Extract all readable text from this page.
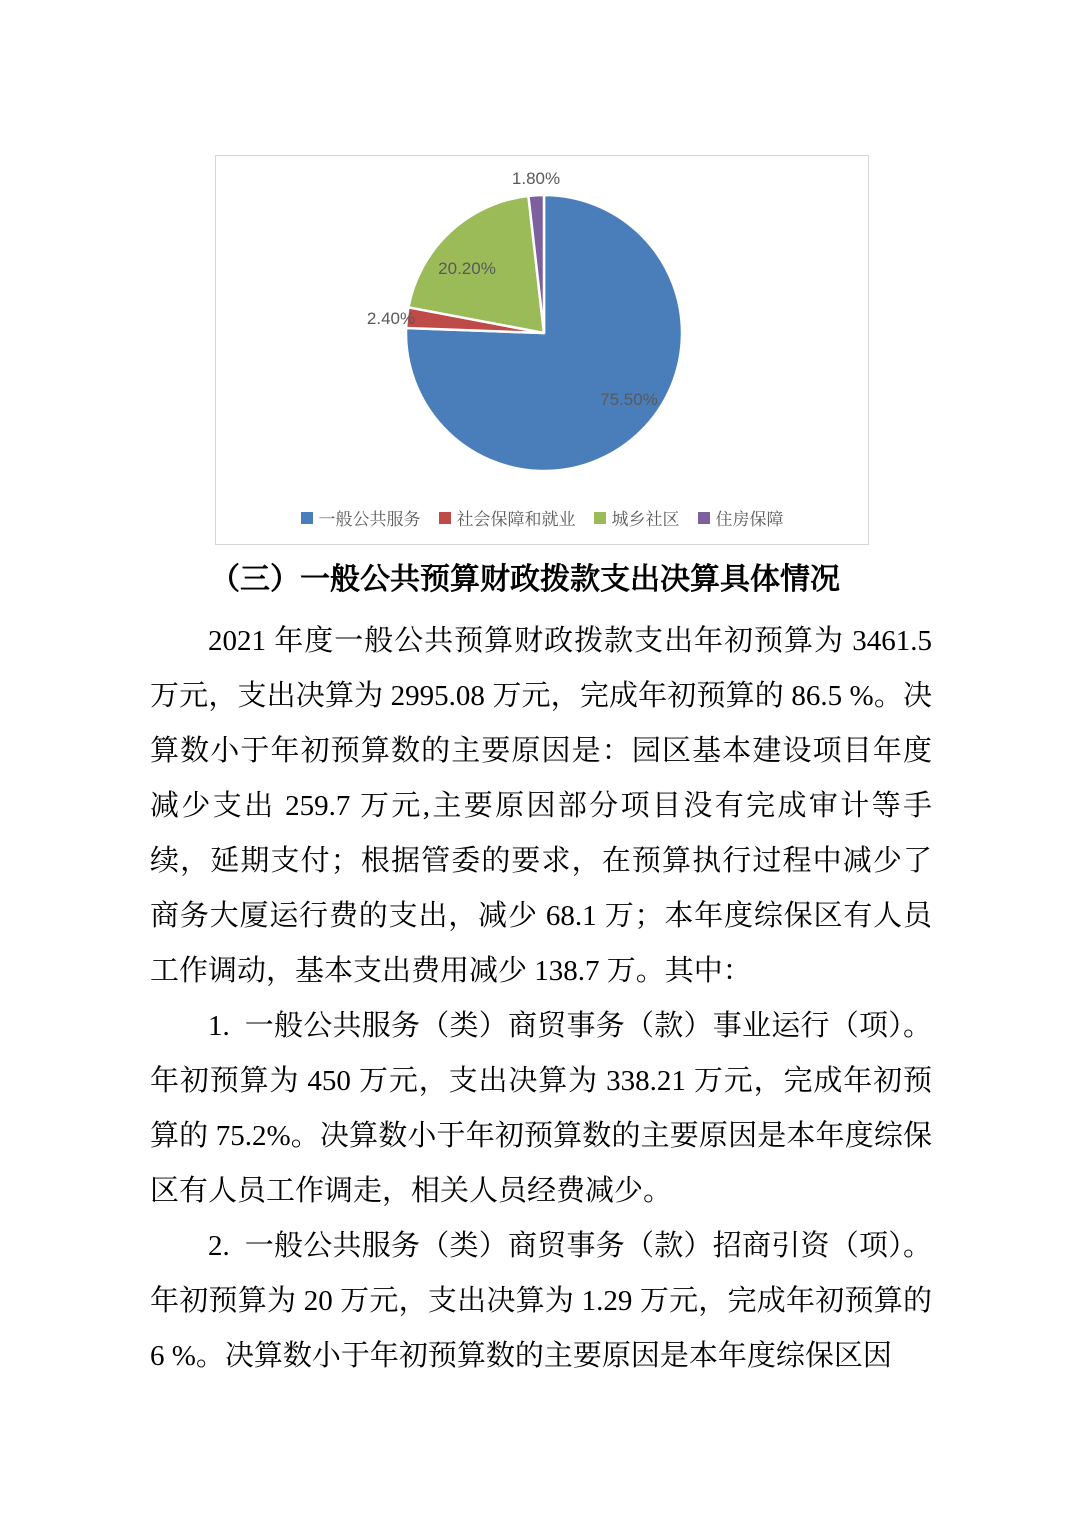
75.50%
2.40%
20.20%
1.80%
一般公共服务 社会保障和就业 城乡社区 住房保障
（三）一般公共预算财政拨款支出决算具体情况

2021 年度一般公共预算财政拨款支出年初预算为 3461.5 万元，支出决算为 2995.08 万元，完成年初预算的 86.5 %。决算数小于年初预算数的主要原因是：园区基本建设项目年度减少支出 259.7 万元,主要原因部分项目没有完成审计等手续，延期支付；根据管委的要求，在预算执行过程中减少了商务大厦运行费的支出，减少 68.1 万；本年度综保区有人员工作调动，基本支出费用减少 138.7 万。其中：

1.  一般公共服务（类）商贸事务（款）事业运行（项）。年初预算为 450 万元，支出决算为 338.21 万元，完成年初预算的 75.2%。决算数小于年初预算数的主要原因是本年度综保区有人员工作调走，相关人员经费减少。

2.  一般公共服务（类）商贸事务（款）招商引资（项）。年初预算为 20 万元，支出决算为 1.29 万元，完成年初预算的 6 %。决算数小于年初预算数的主要原因是本年度综保区因
